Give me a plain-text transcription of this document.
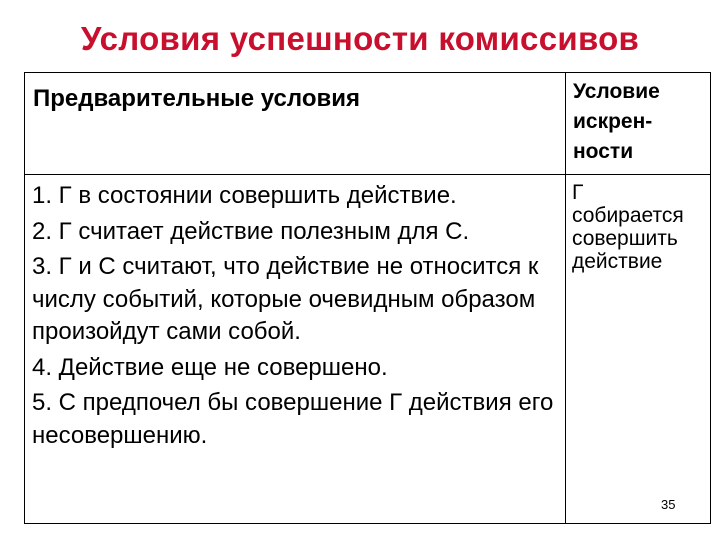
Условия успешности комиссивов
Предварительные условия	Условие
искрен-
ности
1. Г в состоянии совершить действие.
2. Г считает действие полезным для С.
3. Г и С считают, что действие не относится к числу событий, которые очевидным образом произойдут сами собой.
4. Действие еще не совершено.
5. С предпочел бы совершение Г действия его несовершению.
Г
собирается
совершить
действие
35
